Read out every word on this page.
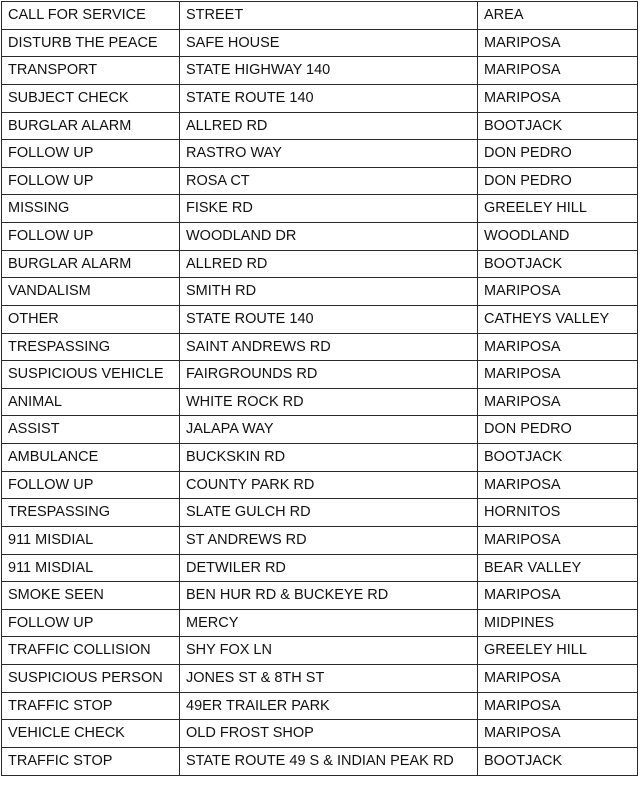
CALL FOR SERVICE	STREET	AREA
DISTURB THE PEACE	SAFE HOUSE	MARIPOSA
TRANSPORT	STATE HIGHWAY 140	MARIPOSA
SUBJECT CHECK	STATE ROUTE 140	MARIPOSA
BURGLAR ALARM	ALLRED RD	BOOTJACK
FOLLOW UP	RASTRO WAY	DON PEDRO
FOLLOW UP	ROSA CT	DON PEDRO
MISSING	FISKE RD	GREELEY HILL
FOLLOW UP	WOODLAND DR	WOODLAND
BURGLAR ALARM	ALLRED RD	BOOTJACK
VANDALISM	SMITH RD	MARIPOSA
OTHER	STATE ROUTE 140	CATHEYS VALLEY
TRESPASSING	SAINT ANDREWS RD	MARIPOSA
SUSPICIOUS VEHICLE	FAIRGROUNDS RD	MARIPOSA
ANIMAL	WHITE ROCK RD	MARIPOSA
ASSIST	JALAPA WAY	DON PEDRO
AMBULANCE	BUCKSKIN RD	BOOTJACK
FOLLOW UP	COUNTY PARK RD	MARIPOSA
TRESPASSING	SLATE GULCH RD	HORNITOS
911 MISDIAL	ST ANDREWS RD	MARIPOSA
911 MISDIAL	DETWILER RD	BEAR VALLEY
SMOKE SEEN	BEN HUR RD & BUCKEYE RD	MARIPOSA
FOLLOW UP	MERCY	MIDPINES
TRAFFIC COLLISION	SHY FOX LN	GREELEY HILL
SUSPICIOUS PERSON	JONES ST & 8TH ST	MARIPOSA
TRAFFIC STOP	49ER TRAILER PARK	MARIPOSA
VEHICLE CHECK	OLD FROST SHOP	MARIPOSA
TRAFFIC STOP	STATE ROUTE 49 S & INDIAN PEAK RD	BOOTJACK
